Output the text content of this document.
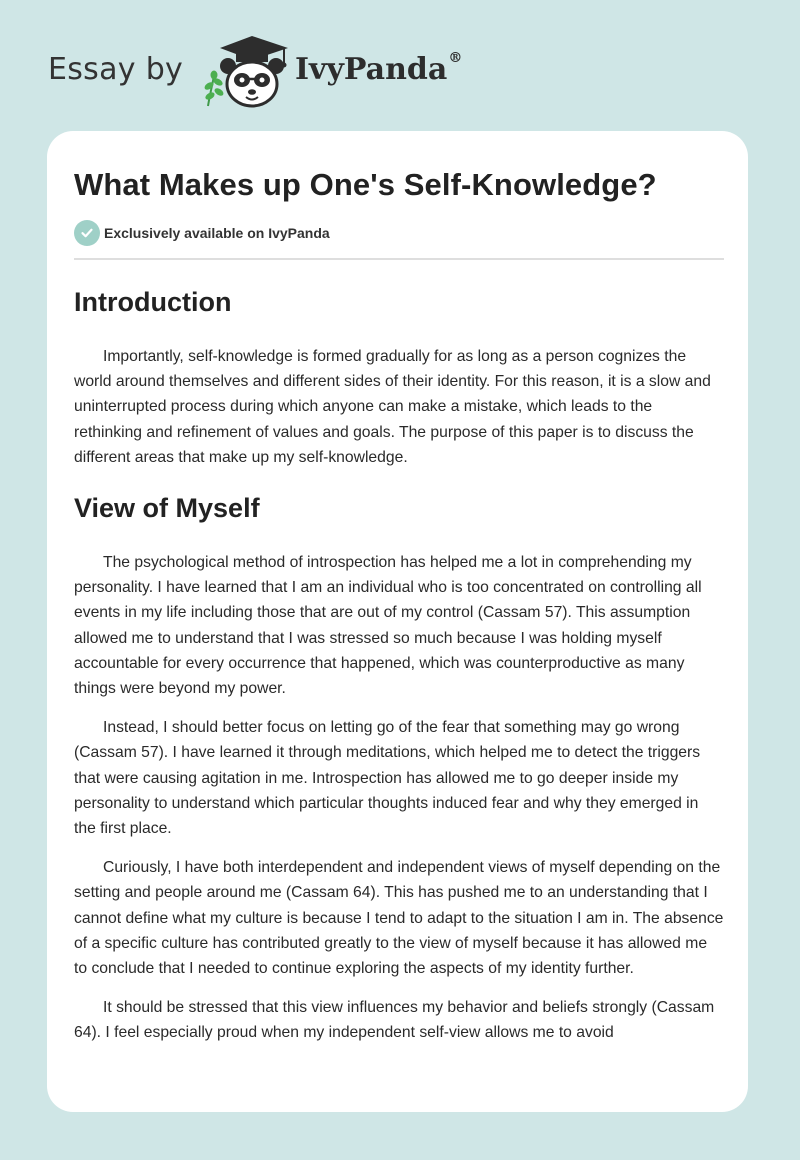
Essay by	IvyPanda®
What Makes up One's Self-Knowledge?
Exclusively available on IvyPanda
Introduction

Importantly, self-knowledge is formed gradually for as long as a person cognizes the world around themselves and different sides of their identity. For this reason, it is a slow and uninterrupted process during which anyone can make a mistake, which leads to the rethinking and refinement of values and goals. The purpose of this paper is to discuss the different areas that make up my self-knowledge.

View of Myself

The psychological method of introspection has helped me a lot in comprehending my personality. I have learned that I am an individual who is too concentrated on controlling all events in my life including those that are out of my control (Cassam 57). This assumption allowed me to understand that I was stressed so much because I was holding myself accountable for every occurrence that happened, which was counterproductive as many things were beyond my power.

Instead, I should better focus on letting go of the fear that something may go wrong (Cassam 57). I have learned it through meditations, which helped me to detect the triggers that were causing agitation in me. Introspection has allowed me to go deeper inside my personality to understand which particular thoughts induced fear and why they emerged in the first place.

Curiously, I have both interdependent and independent views of myself depending on the setting and people around me (Cassam 64). This has pushed me to an understanding that I cannot define what my culture is because I tend to adapt to the situation I am in. The absence of a specific culture has contributed greatly to the view of myself because it has allowed me to conclude that I needed to continue exploring the aspects of my identity further.

It should be stressed that this view influences my behavior and beliefs strongly (Cassam 64). I feel especially proud when my independent self-view allows me to avoid
